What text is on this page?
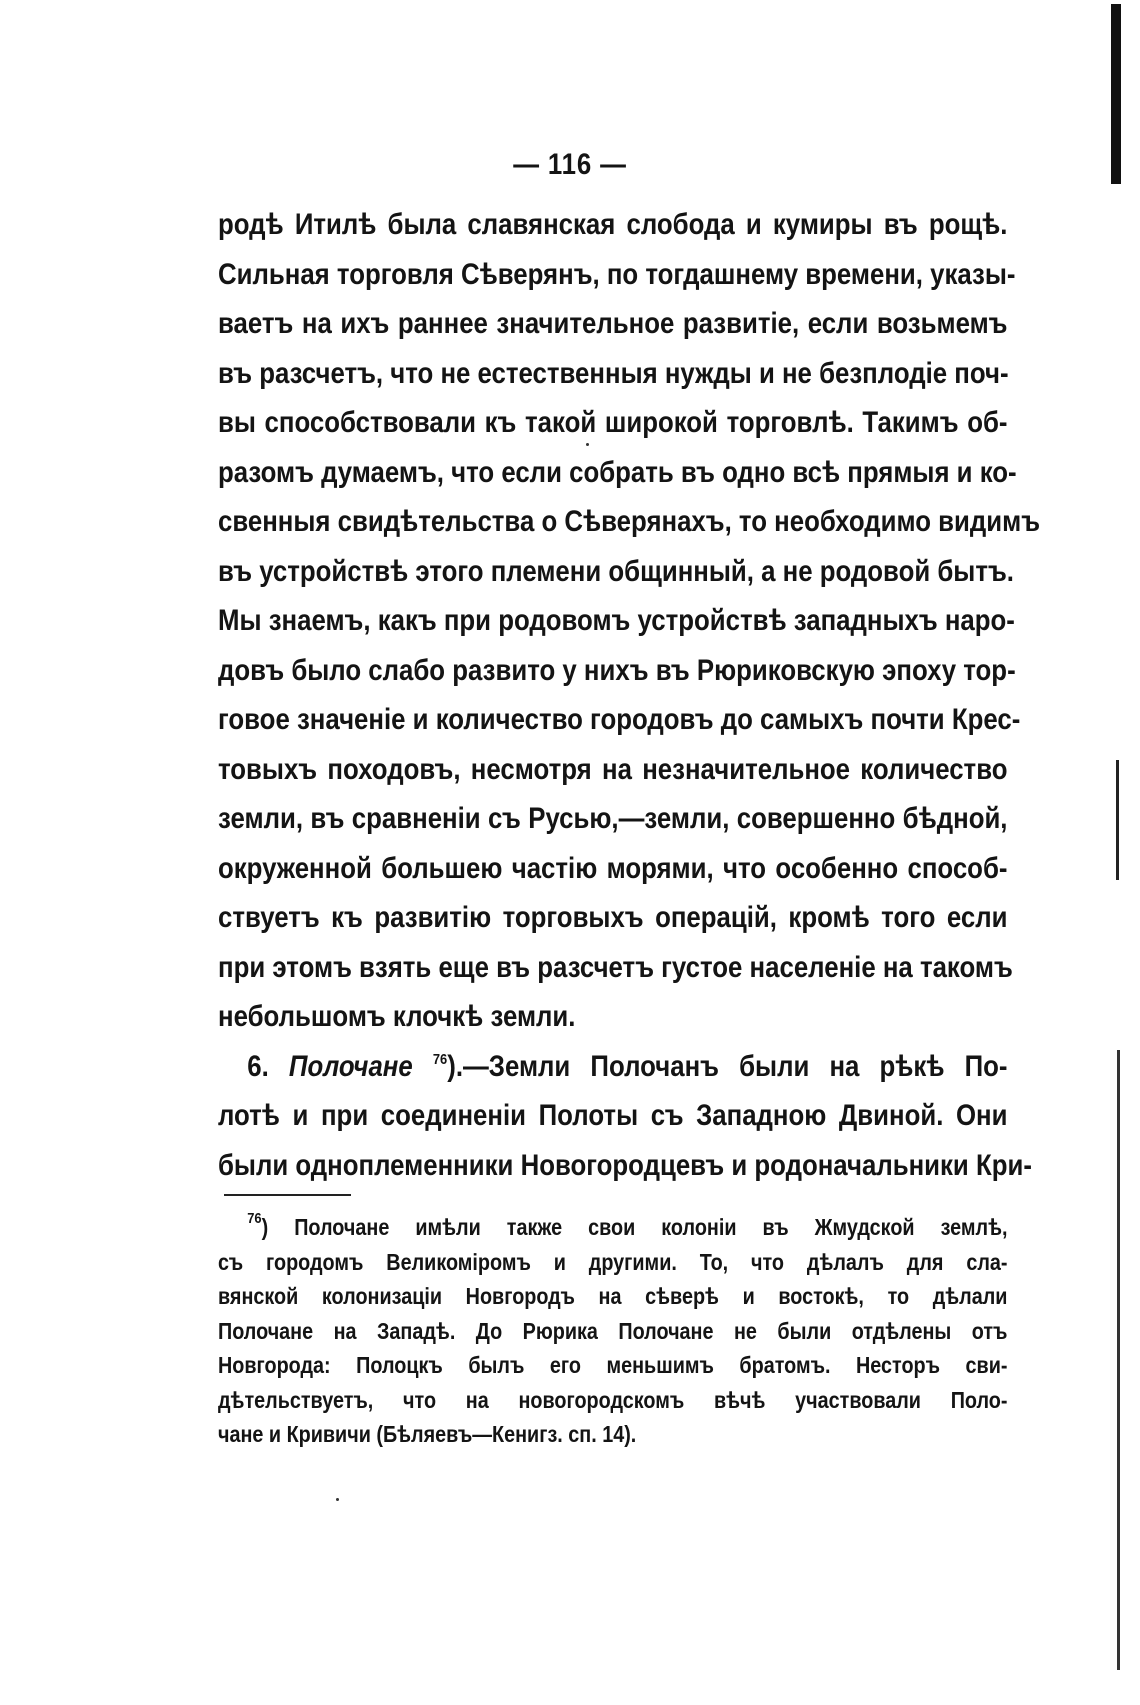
— 116 —
родѣ Итилѣ была славянская слобода и кумиры въ рощѣ.
Сильная торговля Сѣверянъ, по тогдашнему времени, указы-
ваетъ на ихъ раннее значительное развитіе, если возьмемъ
въ разсчетъ, что не естественныя нужды и не безплодіе поч-
вы способствовали къ такой широкой торговлѣ. Такимъ об-
разомъ думаемъ, что если собрать въ одно всѣ прямыя и ко-
свенныя свидѣтельства о Сѣверянахъ, то необходимо видимъ
въ устройствѣ этого племени общинный, а не родовой бытъ.
Мы знаемъ, какъ при родовомъ устройствѣ западныхъ наро-
довъ было слабо развито у нихъ въ Рюриковскую эпоху тор-
говое значеніе и количество городовъ до самыхъ почти Крес-
товыхъ походовъ, несмотря на незначительное количество
земли, въ сравненіи съ Русью,—земли, совершенно бѣдной,
окруженной большею частію морями, что особенно способ-
ствуетъ къ развитію торговыхъ операцій, кромѣ того если
при этомъ взять еще въ разсчетъ густое населеніе на такомъ
небольшомъ клочкѣ земли.
6. Полочане $^{76}$).—Земли Полочанъ были на рѣкѣ По-
лотѣ и при соединеніи Полоты съ Западною Двиной. Они
были одноплеменники Новогородцевъ и родоначальники Кри-
$^{76}$) Полочане имѣли также свои колоніи въ Жмудской землѣ,
съ городомъ Великоміромъ и другими. То, что дѣлалъ для сла-
вянской колонизаціи Новгородъ на сѣверѣ и востокѣ, то дѣлали
Полочане на Западѣ. До Рюрика Полочане не были отдѣлены отъ
Новгорода: Полоцкъ былъ его меньшимъ братомъ. Несторъ сви-
дѣтельствуетъ, что на новогородскомъ вѣчѣ участвовали Поло-
чане и Кривичи (Бѣляевъ—Кенигз. сп. 14).
